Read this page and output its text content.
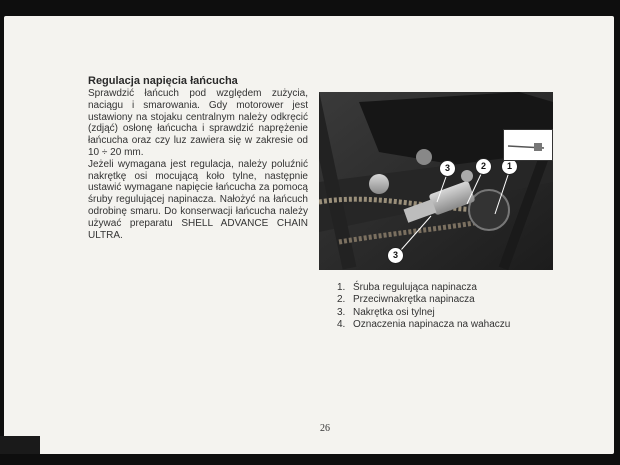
Regulacja napięcia łańcucha

Sprawdzić łańcuch pod względem zużycia, naciągu i smarowania. Gdy motorower jest ustawiony na stojaku centralnym należy odkręcić (zdjąć) osłonę łańcucha i sprawdzić naprężenie łańcucha oraz czy luz zawiera się w zakresie od 10 ÷ 20 mm.

Jeżeli wymagana jest regulacja, należy poluźnić nakrętkę osi mocującą koło tylne, następnie ustawić wymagane napięcie łańcucha za pomocą śruby regulującej napinacza. Nałożyć na łańcuch odrobinę smaru. Do konserwacji łańcucha należy używać preparatu SHELL ADVANCE CHAIN ULTRA.

3	2	1
3
1. Śruba regulująca napinacza
2. Przeciwnakrętka napinacza
3. Nakrętka osi tylnej
4. Oznaczenia napinacza na wahaczu
26
